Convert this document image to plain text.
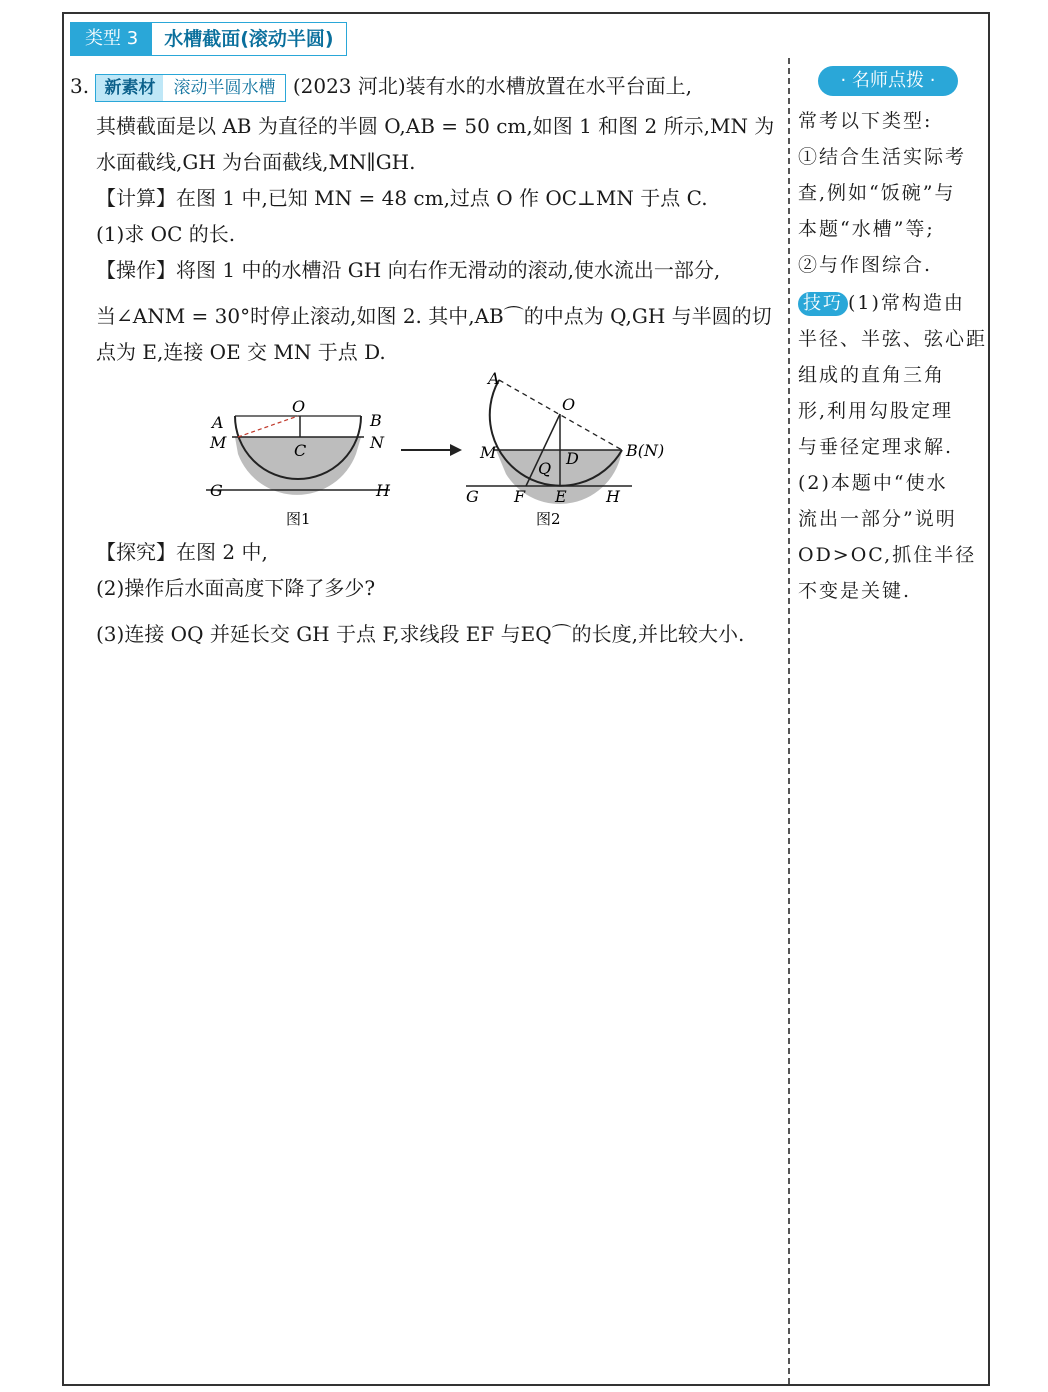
类型 3	水槽截面(滚动半圆)
3. 新素材 滚动半圆水槽 (2023 河北)装有水的水槽放置在水平台面上,
其横截面是以 AB 为直径的半圆 O,AB = 50 cm,如图 1 和图 2 所示,MN 为
水面截线,GH 为台面截线,MN∥GH.
【计算】在图 1 中,已知 MN = 48 cm,过点 O 作 OC⊥MN 于点 C.
(1)求 OC 的长.
【操作】将图 1 中的水槽沿 GH 向右作无滑动的滚动,使水流出一部分,
当∠ANM = 30°时停止滚动,如图 2. 其中,AB⌒的中点为 Q,GH 与半圆的切
点为 E,连接 OE 交 MN 于点 D.
【探究】在图 2 中,
(2)操作后水面高度下降了多少?
(3)连接 OQ 并延长交 GH 于点 F,求线段 EF 与EQ⌒的长度,并比较大小.
A	B
O
M	N
C
G	H
图1
A
O
B(N)
M	D
Q
G F E H
图2
· 名师点拨 ·
常考以下类型:
①结合生活实际考
查,例如“饭碗”与
本题“水槽”等;
②与作图综合.
技巧 (1)常构造由
半径、半弦、弦心距
组成的直角三角
形,利用勾股定理
与垂径定理求解.
(2)本题中“使水
流出一部分”说明
OD>OC,抓住半径
不变是关键.
